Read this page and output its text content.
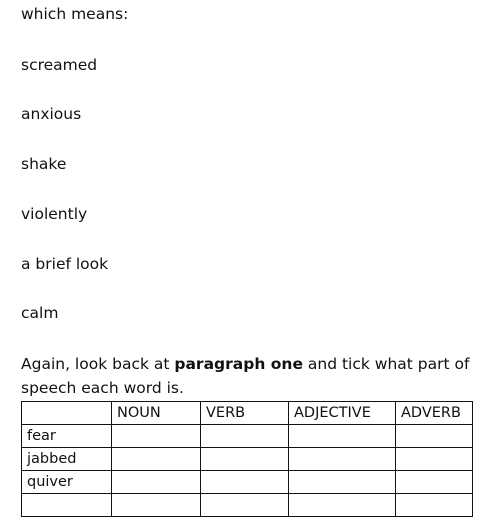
which means:
screamed
anxious
shake
violently
a brief look
calm
Again, look back at paragraph one and tick what part of speech each word is.
	NOUN	VERB	ADJECTIVE	ADVERB
fear				
jabbed				
quiver				
